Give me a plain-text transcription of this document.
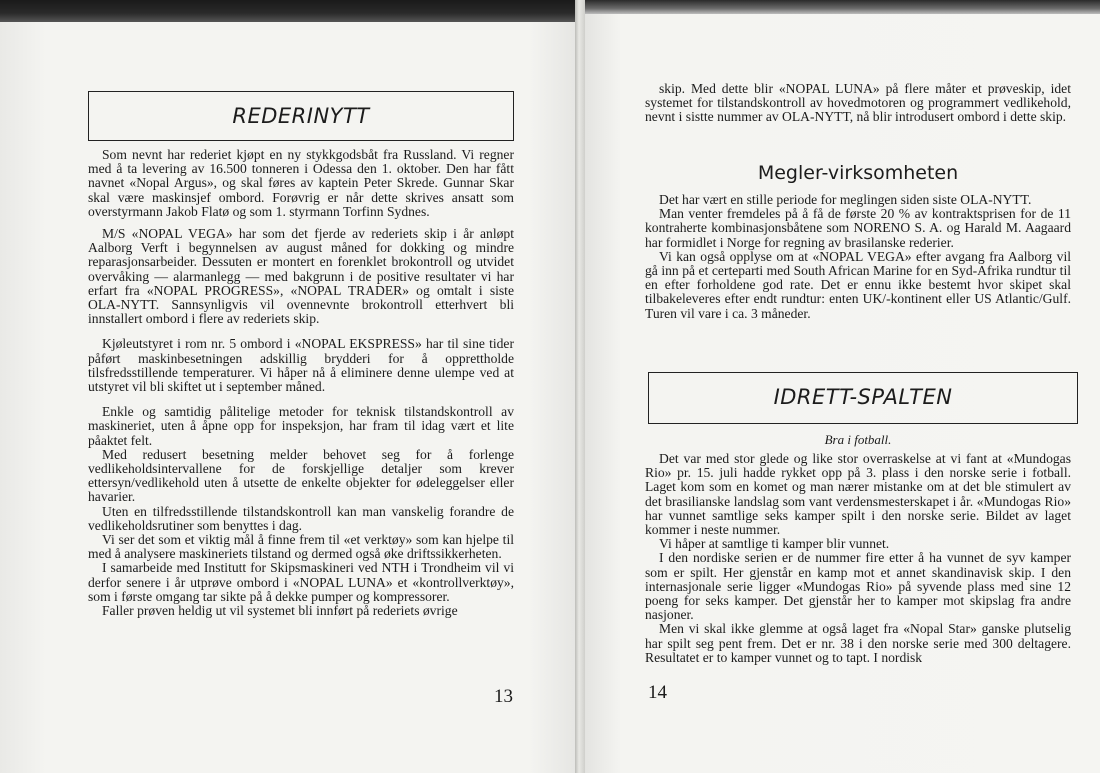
REDERINYTT

Som nevnt har rederiet kjøpt en ny stykkgodsbåt fra Russland. Vi regner med å ta levering av 16.500 tonneren i Odessa den 1. oktober. Den har fått navnet «Nopal Argus», og skal føres av kaptein Peter Skrede. Gunnar Skar skal være maskinsjef ombord. Forøvrig er når dette skrives ansatt som overstyrmann Jakob Flatø og som 1. styrmann Torfinn Sydnes.

M/S «NOPAL VEGA» har som det fjerde av rederiets skip i år anløpt Aalborg Verft i begynnelsen av august måned for dokking og mindre reparasjonsarbeider. Dessuten er montert en forenklet brokontroll og utvidet overvåking — alarmanlegg — med bakgrunn i de positive resultater vi har erfart fra «NOPAL PROGRESS», «NOPAL TRADER» og omtalt i siste OLA-NYTT. Sannsynligvis vil ovennevnte brokontroll etterhvert bli innstallert ombord i flere av rederiets skip.

Kjøleutstyret i rom nr. 5 ombord i «NOPAL EKSPRESS» har til sine tider påført maskinbesetningen adskillig brydderi for å opprettholde tilsfredsstillende temperaturer. Vi håper nå å eliminere denne ulempe ved at utstyret vil bli skiftet ut i september måned.

Enkle og samtidig pålitelige metoder for teknisk tilstandskontroll av maskineriet, uten å åpne opp for inspeksjon, har fram til idag vært et lite påaktet felt.

Med redusert besetning melder behovet seg for å forlenge vedlikeholdsintervallene for de forskjellige detaljer som krever ettersyn/vedlikehold uten å utsette de enkelte objekter for ødeleggelser eller havarier.

Uten en tilfredsstillende tilstandskontroll kan man vanskelig forandre de vedlikeholdsrutiner som benyttes i dag.

Vi ser det som et viktig mål å finne frem til «et verktøy» som kan hjelpe til med å analysere maskineriets tilstand og dermed også øke driftssikkerheten.

I samarbeide med Institutt for Skipsmaskineri ved NTH i Trondheim vil vi derfor senere i år utprøve ombord i «NOPAL LUNA» et «kontrollverktøy», som i første omgang tar sikte på å dekke pumper og kompressorer.

Faller prøven heldig ut vil systemet bli innført på rederiets øvrige

13

skip. Med dette blir «NOPAL LUNA» på flere måter et prøveskip, idet systemet for tilstandskontroll av hovedmotoren og programmert vedlikehold, nevnt i sistte nummer av OLA-NYTT, nå blir introdusert ombord i dette skip.

Megler-virksomheten

Det har vært en stille periode for meglingen siden siste OLA-NYTT.

Man venter fremdeles på å få de første 20 % av kontraktsprisen for de 11 kontraherte kombinasjonsbåtene som NORENO S. A. og Harald M. Aagaard har formidlet i Norge for regning av brasilanske rederier.

Vi kan også opplyse om at «NOPAL VEGA» efter avgang fra Aalborg vil gå inn på et certeparti med South African Marine for en Syd-Afrika rundtur til en efter forholdene god rate. Det er ennu ikke bestemt hvor skipet skal tilbakeleveres efter endt rundtur: enten UK/-kontinent eller US Atlantic/Gulf. Turen vil vare i ca. 3 måneder.

IDRETT-SPALTEN
Bra i fotball.

Det var med stor glede og like stor overraskelse at vi fant at «Mundogas Rio» pr. 15. juli hadde rykket opp på 3. plass i den norske serie i fotball. Laget kom som en komet og man nærer mistanke om at det ble stimulert av det brasilianske landslag som vant verdensmesterskapet i år. «Mundogas Rio» har vunnet samtlige seks kamper spilt i den norske serie. Bildet av laget kommer i neste nummer.

Vi håper at samtlige ti kamper blir vunnet.

I den nordiske serien er de nummer fire etter å ha vunnet de syv kamper som er spilt. Her gjenstår en kamp mot et annet skandinavisk skip. I den internasjonale serie ligger «Mundogas Rio» på syvende plass med sine 12 poeng for seks kamper. Det gjenstår her to kamper mot skipslag fra andre nasjoner.

Men vi skal ikke glemme at også laget fra «Nopal Star» ganske plutselig har spilt seg pent frem. Det er nr. 38 i den norske serie med 300 deltagere. Resultatet er to kamper vunnet og to tapt. I nordisk

14
